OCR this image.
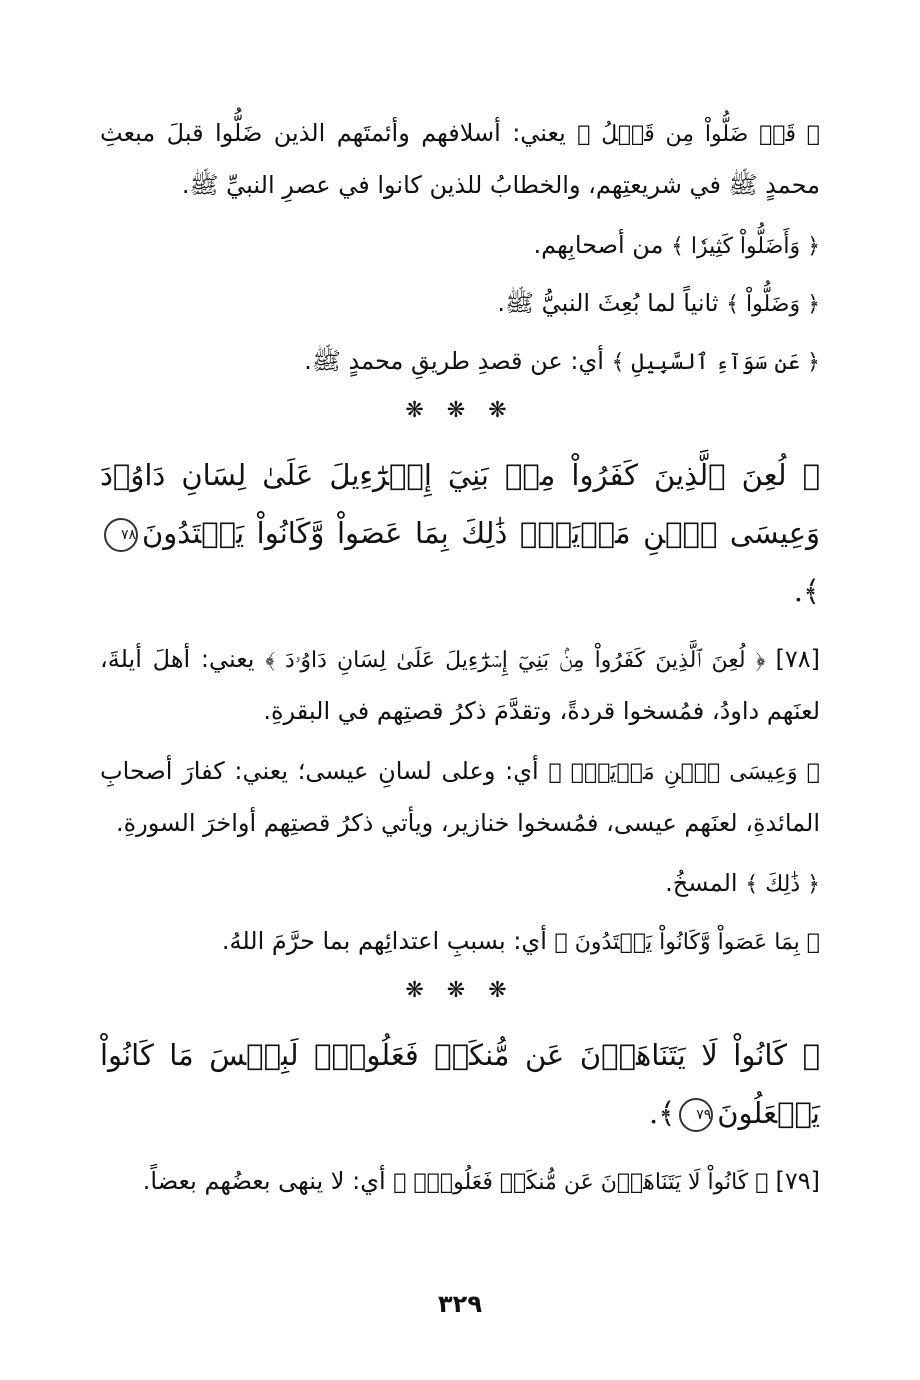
﴿ قَدۡ ضَلُّواْ مِن قَبۡلُ ﴾ يعني: أسلافهم وأئمتَهم الذين ضَلُّوا قبلَ مبعثِ محمدٍ ﷺ في شريعتِهم، والخطابُ للذين كانوا في عصرِ النبيِّ ﷺ.

﴿ وَأَضَلُّواْ كَثِيرٗا ﴾ من أصحابِهم.

﴿ وَضَلُّواْ ﴾ ثانياً لما بُعِثَ النبيُّ ﷺ.

﴿ عَن سَوَآءِ ٱلسَّبِيلِ ﴾ أي: عن قصدِ طريقِ محمدٍ ﷺ.

❋ ❋ ❋

﴿ لُعِنَ ٱلَّذِينَ كَفَرُواْ مِنۢ بَنِيٓ إِسۡرَٰٓءِيلَ عَلَىٰ لِسَانِ دَاوُۥدَ وَعِيسَى ٱبۡنِ مَرۡيَمَۚ ذَٰلِكَ بِمَا عَصَواْ وَّكَانُواْ يَعۡتَدُونَ٧٨﴾.

[٧٨] ﴿ لُعِنَ ٱلَّذِينَ كَفَرُواْ مِنۢ بَنِيٓ إِسۡرَٰٓءِيلَ عَلَىٰ لِسَانِ دَاوُۥدَ ﴾ يعني: أهلَ أيلةَ، لعنَهم داودُ، فمُسخوا قردةً، وتقدَّمَ ذكرُ قصتِهم في البقرةِ.

﴿ وَعِيسَى ٱبۡنِ مَرۡيَمَۚ ﴾ أي: وعلى لسانِ عيسى؛ يعني: كفارَ أصحابِ المائدةِ، لعنَهم عيسى، فمُسخوا خنازير، ويأتي ذكرُ قصتِهم أواخرَ السورةِ.

﴿ ذَٰلِكَ ﴾ المسخُ.

﴿ بِمَا عَصَواْ وَّكَانُواْ يَعۡتَدُونَ ﴾ أي: بسببِ اعتدائِهم بما حرَّمَ اللهُ.

❋ ❋ ❋

﴿ كَانُواْ لَا يَتَنَاهَوۡنَ عَن مُّنكَرٖ فَعَلُوهُۚ لَبِئۡسَ مَا كَانُواْ يَفۡعَلُونَ٧٩﴾.

[٧٩] ﴿ كَانُواْ لَا يَتَنَاهَوۡنَ عَن مُّنكَرٖ فَعَلُوهُۚ ﴾ أي: لا ينهى بعضُهم بعضاً.

٣٢٩
